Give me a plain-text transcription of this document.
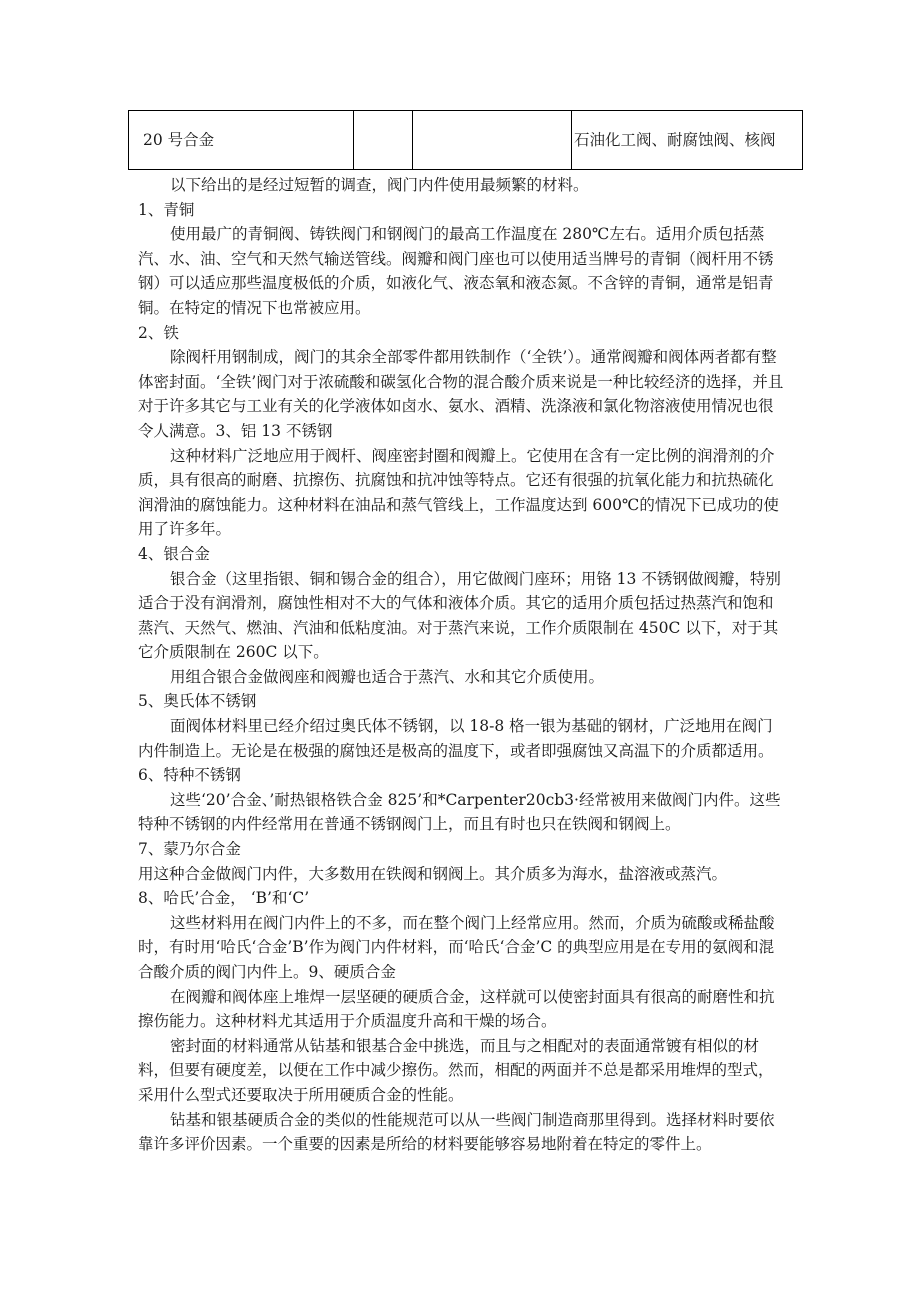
20 号合金			石油化工阀、耐腐蚀阀、核阀

以下给出的是经过短暂的调查，阀门内件使用最频繁的材料。

1、青铜

使用最广的青铜阀、铸铁阀门和钢阀门的最高工作温度在 280℃左右。适用介质包括蒸汽、水、油、空气和天然气输送管线。阀瓣和阀门座也可以使用适当牌号的青铜（阀杆用不锈钢）可以适应那些温度极低的介质，如液化气、液态氧和液态氮。不含锌的青铜，通常是铝青铜。在特定的情况下也常被应用。

2、铁

除阀杆用钢制成，阀门的其余全部零件都用铁制作（‘全铁’）。通常阀瓣和阀体两者都有整体密封面。‘全铁’阀门对于浓硫酸和碳氢化合物的混合酸介质来说是一种比较经济的选择，并且对于许多其它与工业有关的化学液体如卤水、氨水、酒精、洗涤液和氯化物溶液使用情况也很令人满意。3、铝 13 不锈钢

这种材料广泛地应用于阀杆、阀座密封圈和阀瓣上。它使用在含有一定比例的润滑剂的介质，具有很高的耐磨、抗擦伤、抗腐蚀和抗冲蚀等特点。它还有很强的抗氧化能力和抗热硫化润滑油的腐蚀能力。这种材料在油品和蒸气管线上，工作温度达到 600℃的情况下已成功的使用了许多年。

4、银合金

银合金（这里指银、铜和锡合金的组合），用它做阀门座环；用铬 13 不锈钢做阀瓣，特别适合于没有润滑剂，腐蚀性相对不大的气体和液体介质。其它的适用介质包括过热蒸汽和饱和蒸汽、天然气、燃油、汽油和低粘度油。对于蒸汽来说，工作介质限制在 450C 以下，对于其它介质限制在 260C 以下。

用组合银合金做阀座和阀瓣也适合于蒸汽、水和其它介质使用。

5、奥氏体不锈钢

面阀体材料里已经介绍过奥氏体不锈钢，以 18-8 格一银为基础的钢材，广泛地用在阀门内件制造上。无论是在极强的腐蚀还是极高的温度下，或者即强腐蚀又高温下的介质都适用。

6、特种不锈钢

这些‘20’合金、’耐热银格铁合金 825’和*Carpenter20cb3·经常被用来做阀门内件。这些特种不锈钢的内件经常用在普通不锈钢阀门上，而且有时也只在铁阀和钢阀上。

7、蒙乃尔合金

用这种合金做阀门内件，大多数用在铁阀和钢阀上。其介质多为海水，盐溶液或蒸汽。

8、哈氏’合金， ‘B’和‘C’

这些材料用在阀门内件上的不多，而在整个阀门上经常应用。然而，介质为硫酸或稀盐酸时，有时用‘哈氏‘合金’B’作为阀门内件材料，而‘哈氏‘合金’C 的典型应用是在专用的氨阀和混合酸介质的阀门内件上。9、硬质合金

在阀瓣和阀体座上堆焊一层坚硬的硬质合金，这样就可以使密封面具有很高的耐磨性和抗擦伤能力。这种材料尤其适用于介质温度升高和干燥的场合。

密封面的材料通常从钻基和银基合金中挑选，而且与之相配对的表面通常镀有相似的材料，但要有硬度差，以便在工作中减少擦伤。然而，相配的两面并不总是都采用堆焊的型式，采用什么型式还要取决于所用硬质合金的性能。

钻基和银基硬质合金的类似的性能规范可以从一些阀门制造商那里得到。选择材料时要依靠许多评价因素。一个重要的因素是所给的材料要能够容易地附着在特定的零件上。
